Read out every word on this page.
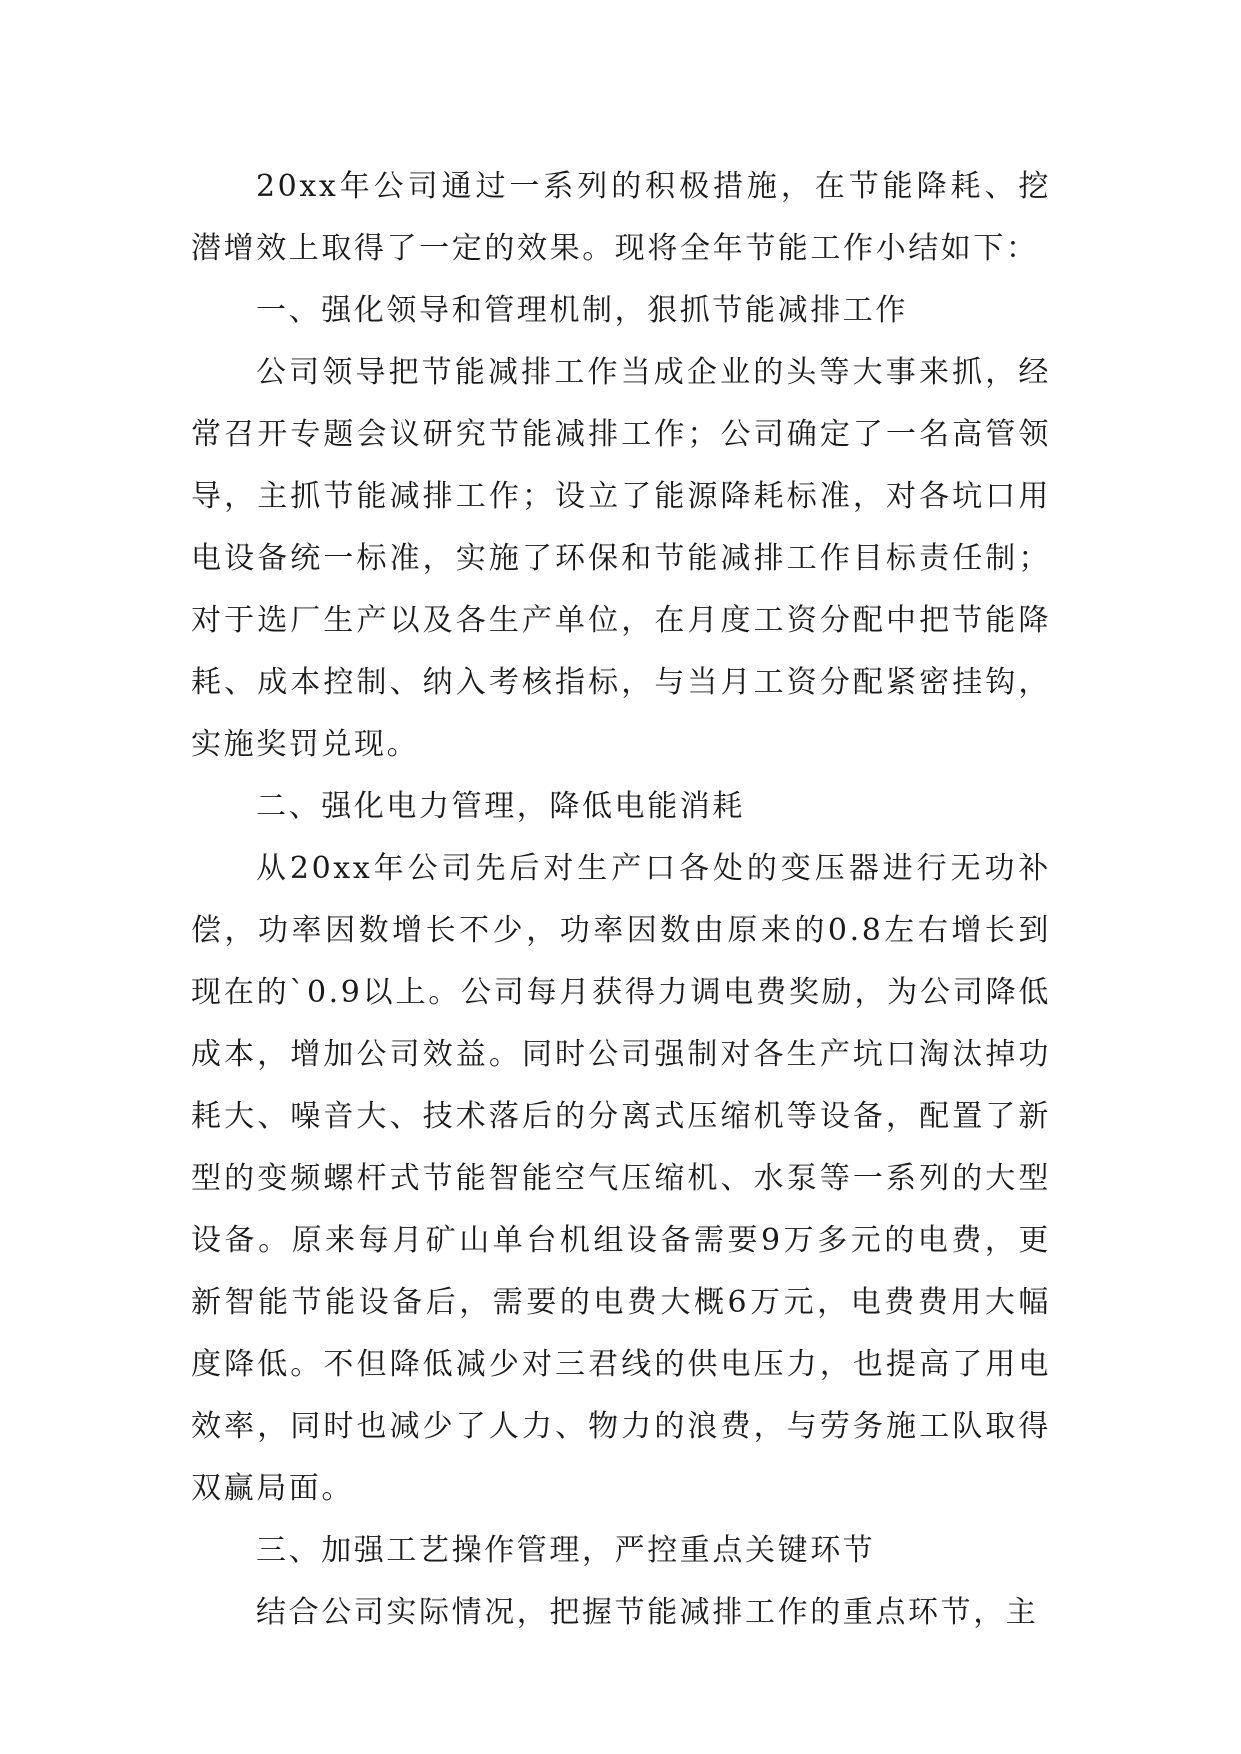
20xx年公司通过一系列的积极措施，在节能降耗、挖潜增效上取得了一定的效果。现将全年节能工作小结如下：

一、强化领导和管理机制，狠抓节能减排工作

公司领导把节能减排工作当成企业的头等大事来抓，经常召开专题会议研究节能减排工作；公司确定了一名高管领导，主抓节能减排工作；设立了能源降耗标准，对各坑口用电设备统一标准，实施了环保和节能减排工作目标责任制；对于选厂生产以及各生产单位，在月度工资分配中把节能降耗、成本控制、纳入考核指标，与当月工资分配紧密挂钩，实施奖罚兑现。

二、强化电力管理，降低电能消耗

从20xx年公司先后对生产口各处的变压器进行无功补偿，功率因数增长不少，功率因数由原来的0.8左右增长到现在的`0.9以上。公司每月获得力调电费奖励，为公司降低成本，增加公司效益。同时公司强制对各生产坑口淘汰掉功耗大、噪音大、技术落后的分离式压缩机等设备，配置了新型的变频螺杆式节能智能空气压缩机、水泵等一系列的大型设备。原来每月矿山单台机组设备需要9万多元的电费，更新智能节能设备后，需要的电费大概6万元，电费费用大幅度降低。不但降低减少对三君线的供电压力，也提高了用电效率，同时也减少了人力、物力的浪费，与劳务施工队取得双赢局面。

三、加强工艺操作管理，严控重点关键环节

结合公司实际情况，把握节能减排工作的重点环节，主
